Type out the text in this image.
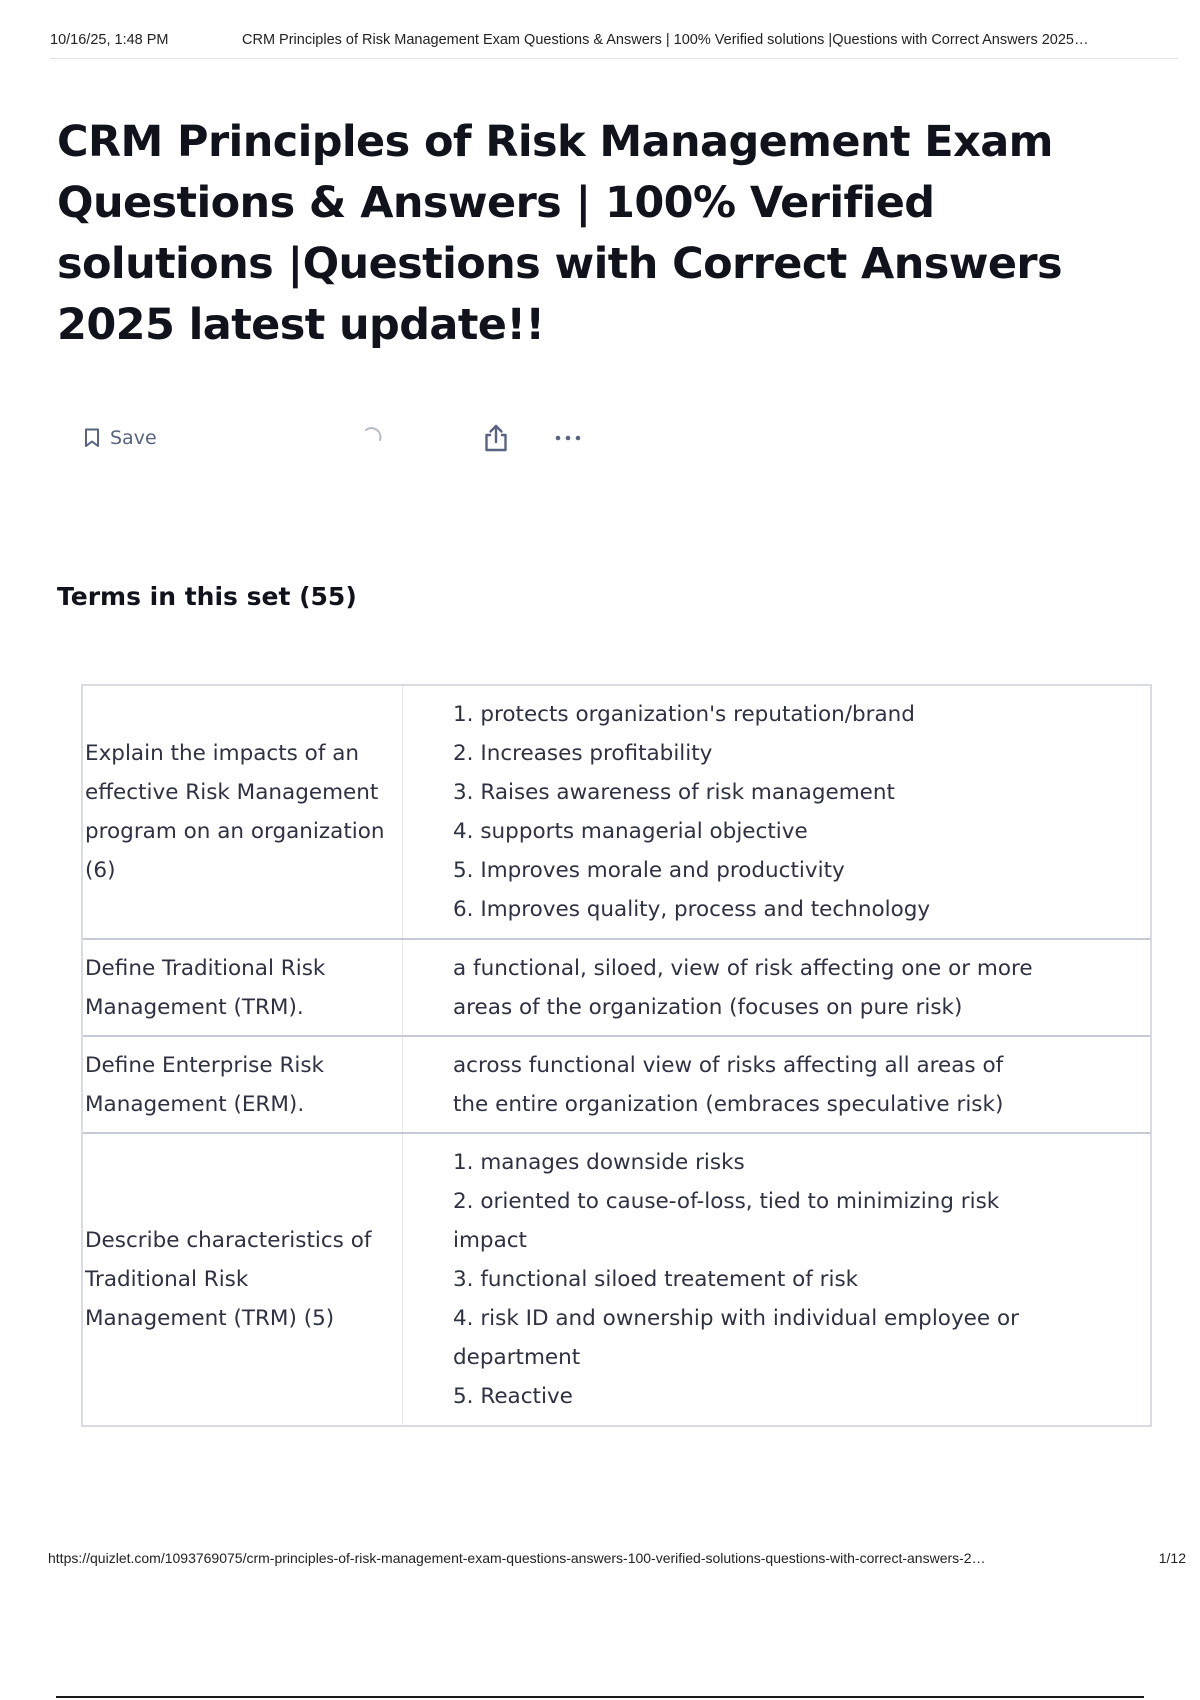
10/16/25, 1:48 PM	CRM Principles of Risk Management Exam Questions & Answers | 100% Verified solutions |Questions with Correct Answers 2025…
CRM Principles of Risk Management Exam Questions & Answers | 100% Verified solutions |Questions with Correct Answers 2025 latest update!!
Save
Terms in this set (55)
Explain the impacts of an effective Risk Management program on an organization (6)
1. protects organization's reputation/brand
2. Increases profitability
3. Raises awareness of risk management
4. supports managerial objective
5. Improves morale and productivity
6. Improves quality, process and technology
Define Traditional Risk Management (TRM).
a functional, siloed, view of risk affecting one or more
areas of the organization (focuses on pure risk)
Define Enterprise Risk Management (ERM).
across functional view of risks affecting all areas of
the entire organization (embraces speculative risk)
Describe characteristics of Traditional Risk Management (TRM) (5)
1. manages downside risks
2. oriented to cause-of-loss, tied to minimizing risk
impact
3. functional siloed treatement of risk
4. risk ID and ownership with individual employee or
department
5. Reactive
https://quizlet.com/1093769075/crm-principles-of-risk-management-exam-questions-answers-100-verified-solutions-questions-with-correct-answers-2…	1/12
